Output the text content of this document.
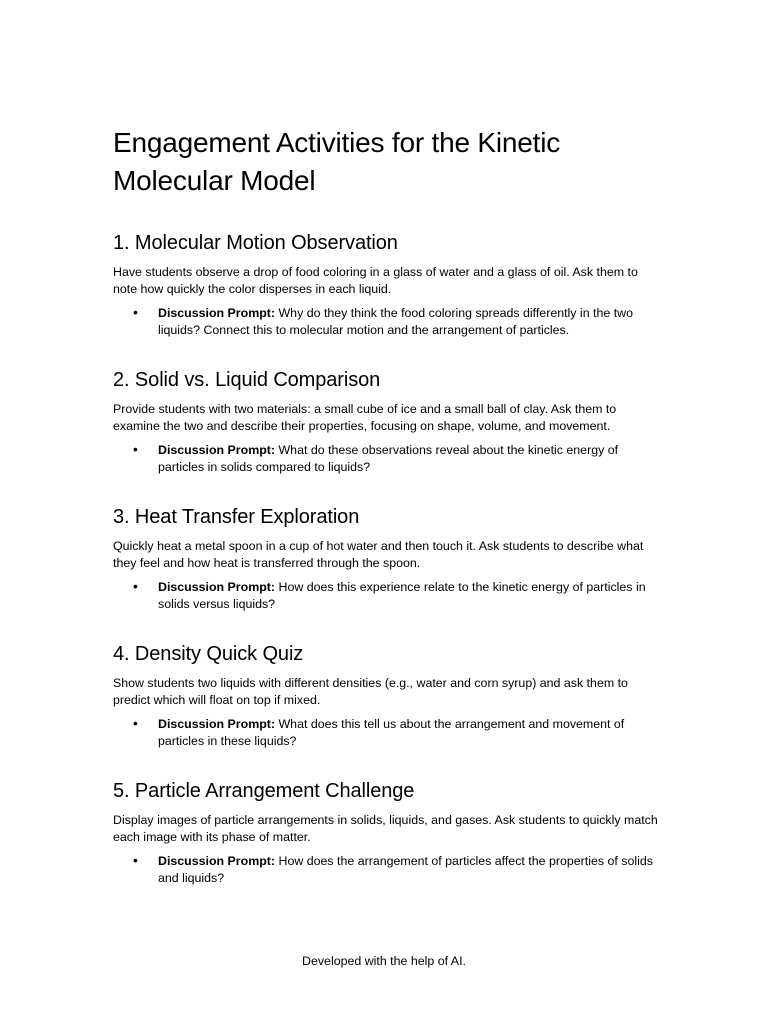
Engagement Activities for the Kinetic Molecular Model
1. Molecular Motion Observation

Have students observe a drop of food coloring in a glass of water and a glass of oil. Ask them to note how quickly the color disperses in each liquid.

• Discussion Prompt: Why do they think the food coloring spreads differently in the two liquids? Connect this to molecular motion and the arrangement of particles.

2. Solid vs. Liquid Comparison

Provide students with two materials: a small cube of ice and a small ball of clay. Ask them to examine the two and describe their properties, focusing on shape, volume, and movement.

• Discussion Prompt: What do these observations reveal about the kinetic energy of particles in solids compared to liquids?

3. Heat Transfer Exploration

Quickly heat a metal spoon in a cup of hot water and then touch it. Ask students to describe what they feel and how heat is transferred through the spoon.

• Discussion Prompt: How does this experience relate to the kinetic energy of particles in solids versus liquids?

4. Density Quick Quiz

Show students two liquids with different densities (e.g., water and corn syrup) and ask them to predict which will float on top if mixed.

• Discussion Prompt: What does this tell us about the arrangement and movement of particles in these liquids?

5. Particle Arrangement Challenge

Display images of particle arrangements in solids, liquids, and gases. Ask students to quickly match each image with its phase of matter.

• Discussion Prompt: How does the arrangement of particles affect the properties of solids and liquids?

Developed with the help of AI.
